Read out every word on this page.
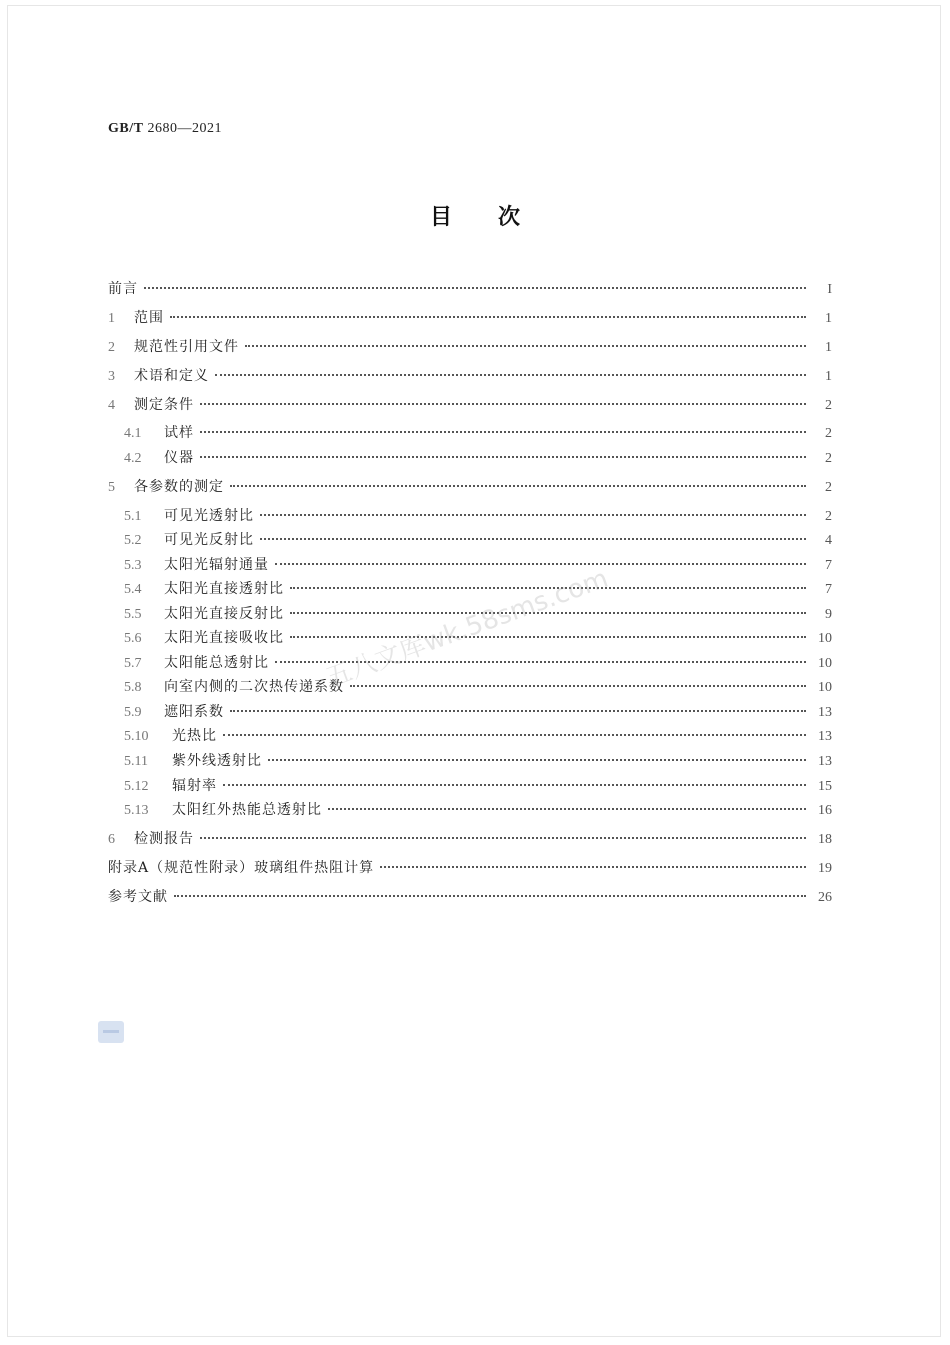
GB/T 2680—2021
目次
前言	I
1	范围	1
2	规范性引用文件	1
3	术语和定义	1
4	测定条件	2
4.1	试样	2
4.2	仪器	2
5	各参数的测定	2
5.1	可见光透射比	2
5.2	可见光反射比	4
5.3	太阳光辐射通量	7
5.4	太阳光直接透射比	7
5.5	太阳光直接反射比	9
5.6	太阳光直接吸收比	10
5.7	太阳能总透射比	10
5.8	向室内侧的二次热传递系数	10
5.9	遮阳系数	13
5.10	光热比	13
5.11	紫外线透射比	13
5.12	辐射率	15
5.13	太阳红外热能总透射比	16
6	检测报告	18
附录A（规范性附录）玻璃组件热阻计算	19
参考文献	26
五八文库wk.58sms.com
